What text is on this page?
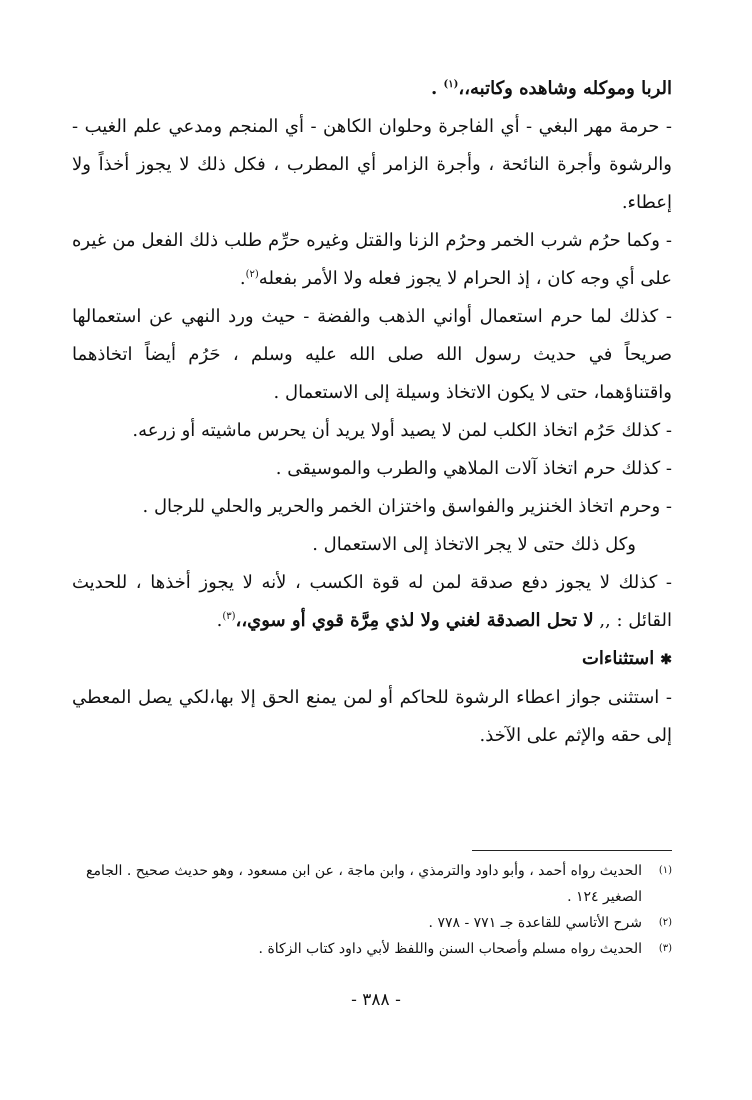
الربا وموكله وشاهده وكاتبه،،$^{(١)}$ .
- حرمة مهر البغي - أي الفاجرة وحلوان الكاهن - أي المنجم ومدعي علم الغيب - والرشوة وأجرة النائحة ، وأجرة الزامر أي المطرب ، فكل ذلك لا يجوز أخذاً ولا إعطاء.
- وكما حرُم شرب الخمر وحرُم الزنا والقتل وغيره حرِّم طلب ذلك الفعل من غيره على أي وجه كان ، إذ الحرام لا يجوز فعله ولا الأمر بفعله$^{(٢)}$.
- كذلك لما حرم استعمال أواني الذهب والفضة - حيث ورد النهي عن استعمالها صريحاً في حديث رسول الله صلى الله عليه وسلم ، حَرُم أيضاً اتخاذهما واقتناؤهما، حتى لا يكون الاتخاذ وسيلة إلى الاستعمال .
- كذلك حَرُم اتخاذ الكلب لمن لا يصيد أولا يريد أن يحرس ماشيته أو زرعه.
- كذلك حرم اتخاذ آلات الملاهي والطرب والموسيقى .
- وحرم اتخاذ الخنزير والفواسق واختزان الخمر والحرير والحلي للرجال .
وكل ذلك حتى لا يجر الاتخاذ إلى الاستعمال .
- كذلك لا يجوز دفع صدقة لمن له قوة الكسب ، لأنه لا يجوز أخذها ، للحديث القائل : ,, لا تحل الصدقة لغني ولا لذي مِرَّة قوي أو سوي،،$^{(٣)}$.
✱استثناءات
- استثنى جواز اعطاء الرشوة للحاكم أو لمن يمنع الحق إلا بها،لكي يصل المعطي إلى حقه والإثم على الآخذ.
(١)
الحديث رواه أحمد ، وأبو داود والترمذي ، وابن ماجة ، عن ابن مسعود ، وهو حديث صحيح . الجامع الصغير ١٢٤ .
(٢)
شرح الأتاسي للقاعدة جـ ٧٧١ - ٧٧٨ .
(٣)
الحديث رواه مسلم وأصحاب السنن واللفظ لأبي داود كتاب الزكاة .
- ٣٨٨ -
